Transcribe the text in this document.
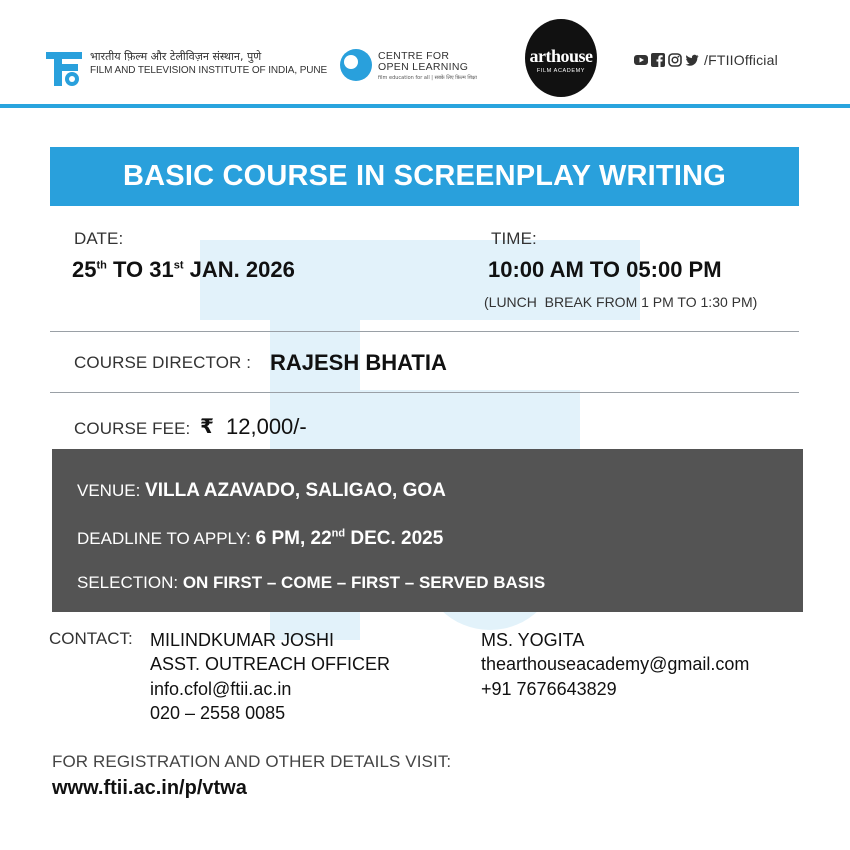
भारतीय फ़िल्म और टेलीविज़न संस्थान, पुणे
FILM AND TELEVISION INSTITUTE OF INDIA, PUNE
CENTRE FOR
OPEN LEARNING
film education for all | सबके लिए फ़िल्म शिक्षा
arthouse
FILM ACADEMY
/FTIIOfficial
BASIC COURSE IN SCREENPLAY WRITING
DATE:
25th TO 31st JAN. 2026
TIME:
10:00 AM TO 05:00 PM
(LUNCH  BREAK FROM 1 PM TO 1:30 PM)
COURSE DIRECTOR : RAJESH BHATIA
COURSE FEE: ₹ 12,000/-
VENUE: VILLA AZAVADO, SALIGAO, GOA
DEADLINE TO APPLY: 6 PM, 22nd DEC. 2025
SELECTION: ON FIRST – COME – FIRST – SERVED BASIS
CONTACT: MILINDKUMAR JOSHI
ASST. OUTREACH OFFICER
info.cfol@ftii.ac.in
020 – 2558 0085
MS. YOGITA
thearthouseacademy@gmail.com
+91 7676643829
FOR REGISTRATION AND OTHER DETAILS VISIT:
www.ftii.ac.in/p/vtwa
